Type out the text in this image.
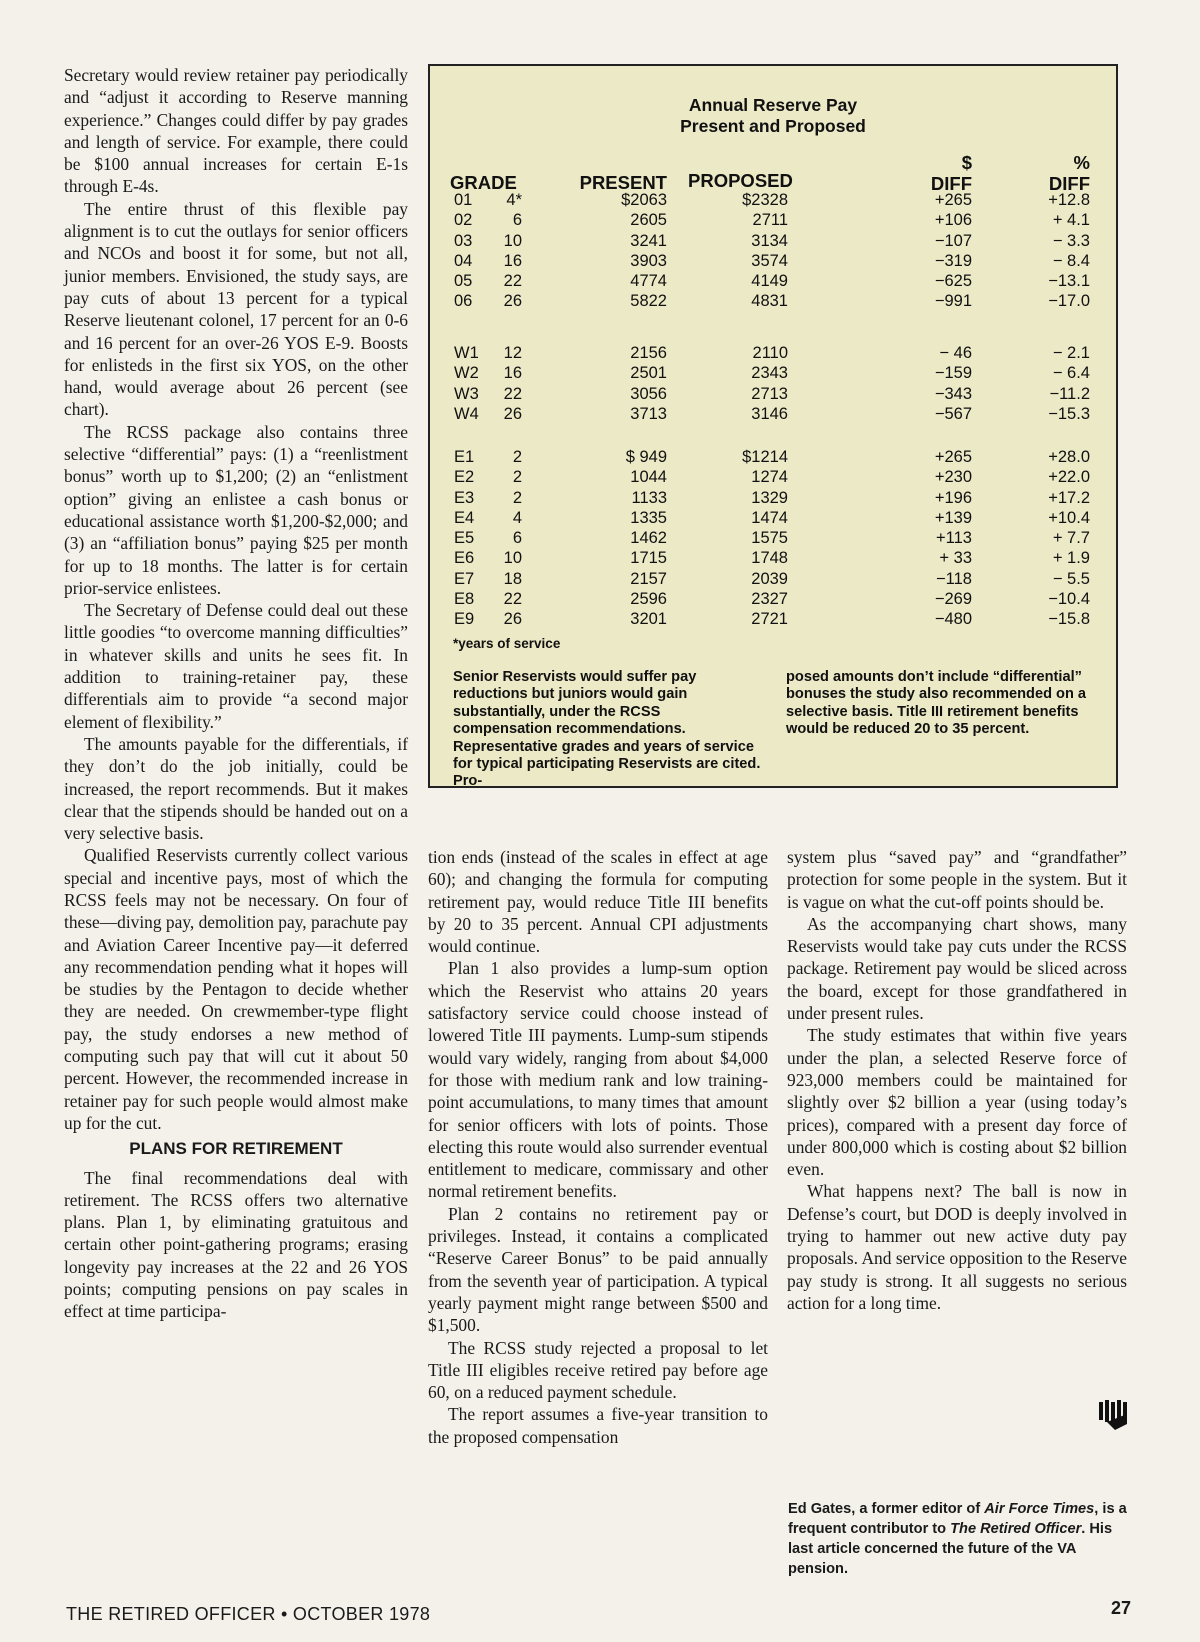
Secretary would review retainer pay periodically and “adjust it according to Reserve manning experience.” Changes could differ by pay grades and length of service. For example, there could be $100 annual increases for certain E-1s through E-4s.

The entire thrust of this flexible pay alignment is to cut the outlays for senior officers and NCOs and boost it for some, but not all, junior members. Envisioned, the study says, are pay cuts of about 13 percent for a typical Reserve lieutenant colonel, 17 percent for an 0-6 and 16 percent for an over-26 YOS E-9. Boosts for enlisteds in the first six YOS, on the other hand, would average about 26 percent (see chart).

The RCSS package also contains three selective “differential” pays: (1) a “reenlistment bonus” worth up to $1,200; (2) an “enlistment option” giving an enlistee a cash bonus or educational assistance worth $1,200-$2,000; and (3) an “affiliation bonus” paying $25 per month for up to 18 months. The latter is for certain prior-service enlistees.

The Secretary of Defense could deal out these little goodies “to overcome manning difficulties” in whatever skills and units he sees fit. In addition to training-retainer pay, these differentials aim to provide “a second major element of flexibility.”

The amounts payable for the differentials, if they don’t do the job initially, could be increased, the report recommends. But it makes clear that the stipends should be handed out on a very selective basis.

Qualified Reservists currently collect various special and incentive pays, most of which the RCSS feels may not be necessary. On four of these—diving pay, demolition pay, parachute pay and Aviation Career Incentive pay—it deferred any recommendation pending what it hopes will be studies by the Pentagon to decide whether they are needed. On crewmember-type flight pay, the study endorses a new method of computing such pay that will cut it about 50 percent. However, the recommended increase in retainer pay for such people would almost make up for the cut.

PLANS FOR RETIREMENT

The final recommendations deal with retirement. The RCSS offers two alternative plans. Plan 1, by eliminating gratuitous and certain other point-gathering programs; erasing longevity pay increases at the 22 and 26 YOS points; computing pensions on pay scales in effect at time participa-

Annual Reserve Pay
Present and Proposed
$	%
GRADE	PRESENT PROPOSED	DIFF	DIFF
01	4*	$2063	$2328	+265	+12.8
02	6	2605	2711	+106	+ 4.1
03	10	3241	3134	−107	− 3.3
04	16	3903	3574	−319	− 8.4
05	22	4774	4149	−625	−13.1
06	26	5822	4831	−991	−17.0
W1	12	2156	2110	− 46	− 2.1
W2	16	2501	2343	−159	− 6.4
W3	22	3056	2713	−343	−11.2
W4	26	3713	3146	−567	−15.3
E1	2	$ 949	$1214	+265	+28.0
E2	2	1044	1274	+230	+22.0
E3	2	1133	1329	+196	+17.2
E4	4	1335	1474	+139	+10.4
E5	6	1462	1575	+113	+ 7.7
E6	10	1715	1748	+ 33	+ 1.9
E7	18	2157	2039	−118	− 5.5
E8	22	2596	2327	−269	−10.4
E9	26	3201	2721	−480	−15.8
*years of service
Senior Reservists would suffer pay reductions but juniors would gain substantially, under the RCSS compensation recommendations. Representative grades and years of service for typical participating Reservists are cited. Pro-
posed amounts don’t include “differential” bonuses the study also recommended on a selective basis. Title III retirement benefits would be reduced 20 to 35 percent.

tion ends (instead of the scales in effect at age 60); and changing the formula for computing retirement pay, would reduce Title III benefits by 20 to 35 percent. Annual CPI adjustments would continue.

Plan 1 also provides a lump-sum option which the Reservist who attains 20 years satisfactory service could choose instead of lowered Title III payments. Lump-sum stipends would vary widely, ranging from about $4,000 for those with medium rank and low training-point accumulations, to many times that amount for senior officers with lots of points. Those electing this route would also surrender eventual entitlement to medicare, commissary and other normal retirement benefits.

Plan 2 contains no retirement pay or privileges. Instead, it contains a complicated “Reserve Career Bonus” to be paid annually from the seventh year of participation. A typical yearly payment might range between $500 and $1,500.

The RCSS study rejected a proposal to let Title III eligibles receive retired pay before age 60, on a reduced payment schedule.

The report assumes a five-year transition to the proposed compensation

system plus “saved pay” and “grandfather” protection for some people in the system. But it is vague on what the cut-off points should be.

As the accompanying chart shows, many Reservists would take pay cuts under the RCSS package. Retirement pay would be sliced across the board, except for those grandfathered in under present rules.

The study estimates that within five years under the plan, a selected Reserve force of 923,000 members could be maintained for slightly over $2 billion a year (using today’s prices), compared with a present day force of under 800,000 which is costing about $2 billion even.

What happens next? The ball is now in Defense’s court, but DOD is deeply involved in trying to hammer out new active duty pay proposals. And service opposition to the Reserve pay study is strong. It all suggests no serious action for a long time.

Ed Gates, a former editor of Air Force Times, is a frequent contributor to The Retired Officer. His last article concerned the future of the VA pension.
THE RETIRED OFFICER • OCTOBER 1978	27
